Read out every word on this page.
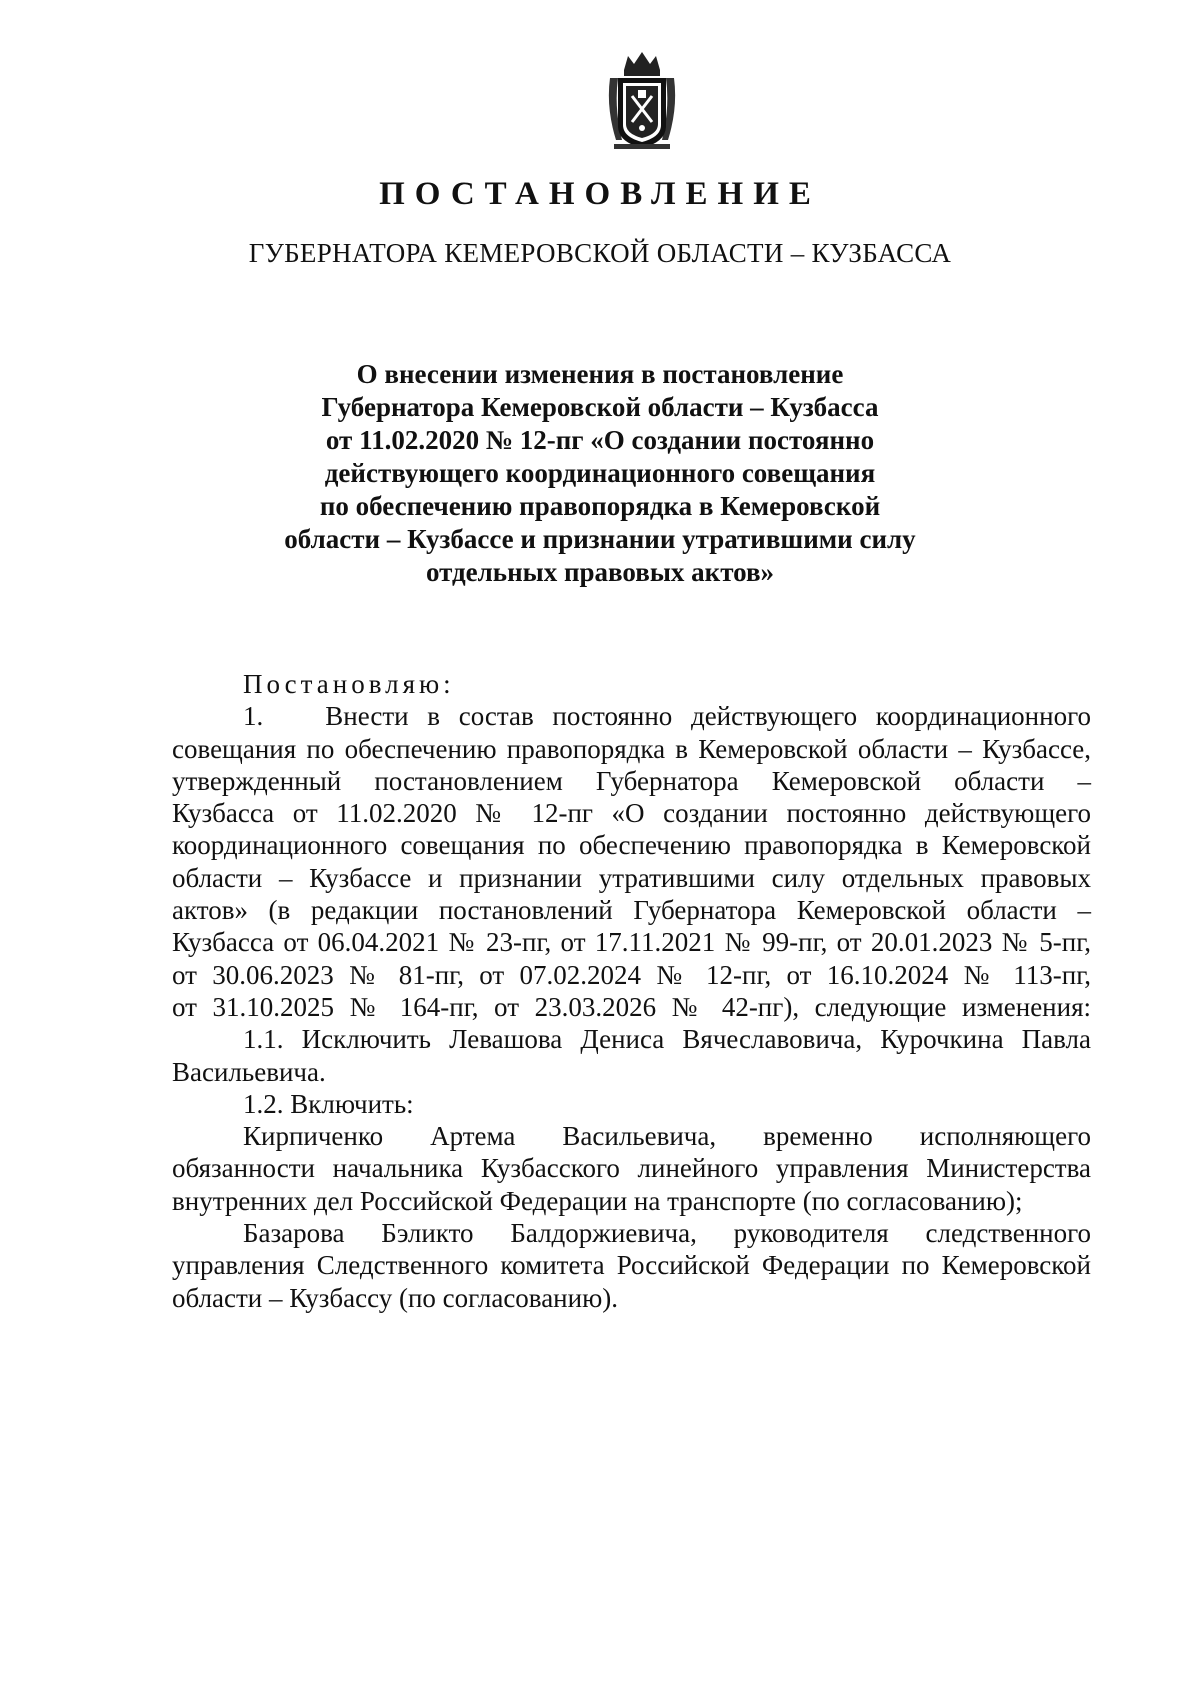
ПОСТАНОВЛЕНИЕ
ГУБЕРНАТОРА КЕМЕРОВСКОЙ ОБЛАСТИ – КУЗБАССА
О внесении изменения в постановление
Губернатора Кемеровской области – Кузбасса
от 11.02.2020 № 12-пг «О создании постоянно
действующего координационного совещания
по обеспечению правопорядка в Кемеровской
области – Кузбассе и признании утратившими силу
отдельных правовых актов»
Постановляю:
1. Внести в состав постоянно действующего координационного
совещания по обеспечению правопорядка в Кемеровской области – Кузбассе,
утвержденный постановлением Губернатора Кемеровской области –
Кузбасса от 11.02.2020 № 12-пг «О создании постоянно действующего
координационного совещания по обеспечению правопорядка в Кемеровской
области – Кузбассе и признании утратившими силу отдельных правовых
актов» (в редакции постановлений Губернатора Кемеровской области –
Кузбасса от 06.04.2021 № 23-пг, от 17.11.2021 № 99-пг, от 20.01.2023 № 5-пг,
от 30.06.2023 № 81-пг, от 07.02.2024 № 12-пг, от 16.10.2024 № 113-пг,
от 31.10.2025 № 164-пг, от 23.03.2026 № 42-пг), следующие изменения:
1.1. Исключить Левашова Дениса Вячеславовича, Курочкина Павла
Васильевича.
1.2. Включить:
Кирпиченко Артема Васильевича, временно исполняющего
обязанности начальника Кузбасского линейного управления Министерства
внутренних дел Российской Федерации на транспорте (по согласованию);
Базарова Бэликто Балдоржиевича, руководителя следственного
управления Следственного комитета Российской Федерации по Кемеровской
области – Кузбассу (по согласованию).
